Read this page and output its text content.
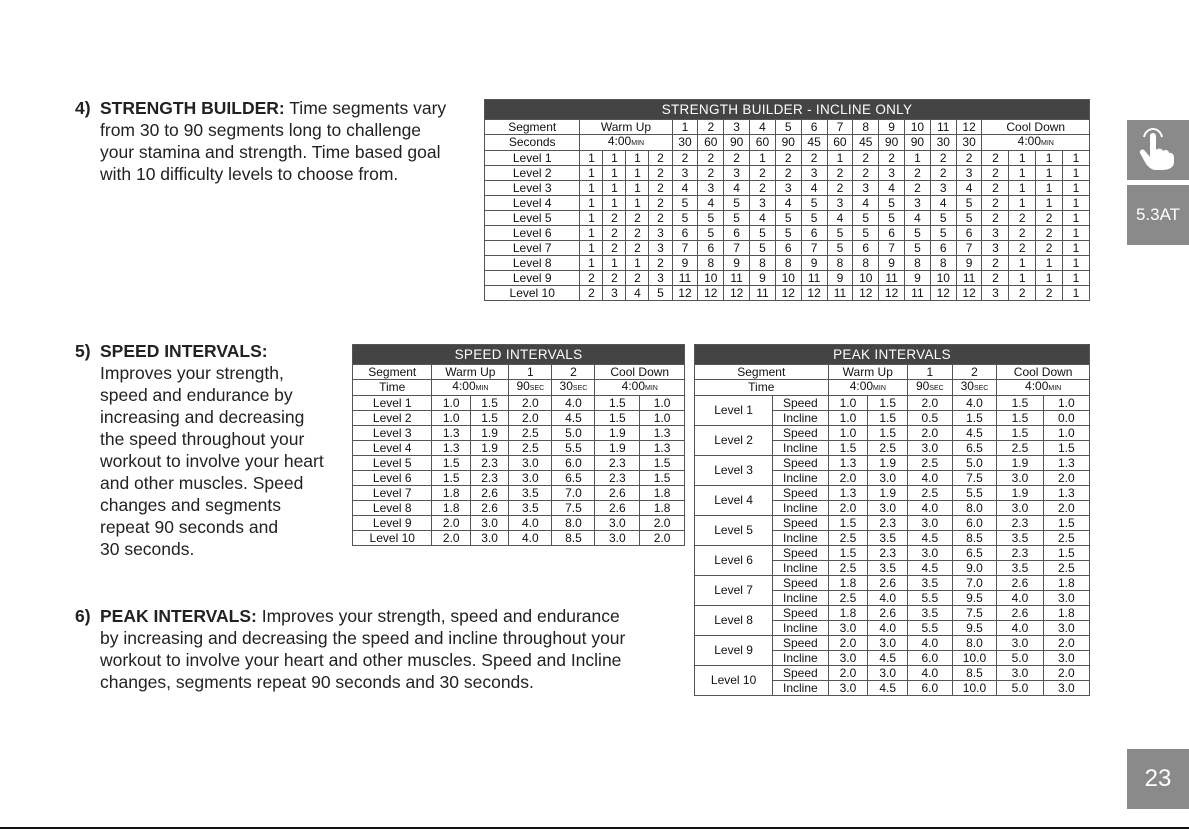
4) STRENGTH BUILDER: Time segments vary
from 30 to 90 segments long to challenge
your stamina and strength. Time based goal
with 10 difficulty levels to choose from.
5) SPEED INTERVALS:
Improves your strength,
speed and endurance by
increasing and decreasing
the speed throughout your
workout to involve your heart
and other muscles. Speed
changes and segments
repeat 90 seconds and
30 seconds.
6) PEAK INTERVALS: Improves your strength, speed and endurance
by increasing and decreasing the speed and incline throughout your
workout to involve your heart and other muscles. Speed and Incline
changes, segments repeat 90 seconds and 30 seconds.
STRENGTH BUILDER - INCLINE ONLY																				
Segment	Warm Up				1	2	3	4	5	6	7	8	9	10	11	12	Cool Down			
Seconds	4:00MIN				30	60	90	60	90	45	60	45	90	90	30	30	4:00MIN			
Level 1	1	1	1	2	2	2	2	1	2	2	1	2	2	1	2	2	2	1	1	1
Level 2	1	1	1	2	3	2	3	2	2	3	2	2	3	2	2	3	2	1	1	1
Level 3	1	1	1	2	4	3	4	2	3	4	2	3	4	2	3	4	2	1	1	1
Level 4	1	1	1	2	5	4	5	3	4	5	3	4	5	3	4	5	2	1	1	1
Level 5	1	2	2	2	5	5	5	4	5	5	4	5	5	4	5	5	2	2	2	1
Level 6	1	2	2	3	6	5	6	5	5	6	5	5	6	5	5	6	3	2	2	1
Level 7	1	2	2	3	7	6	7	5	6	7	5	6	7	5	6	7	3	2	2	1
Level 8	1	1	1	2	9	8	9	8	8	9	8	8	9	8	8	9	2	1	1	1
Level 9	2	2	2	3	11	10	11	9	10	11	9	10	11	9	10	11	2	1	1	1
Level 10	2	3	4	5	12	12	12	11	12	12	11	12	12	11	12	12	3	2	2	1
SPEED INTERVALS						
Segment	Warm Up		1	2	Cool Down	
Time	4:00MIN		90SEC	30SEC	4:00MIN	
Level 1	1.0	1.5	2.0	4.0	1.5	1.0
Level 2	1.0	1.5	2.0	4.5	1.5	1.0
Level 3	1.3	1.9	2.5	5.0	1.9	1.3
Level 4	1.3	1.9	2.5	5.5	1.9	1.3
Level 5	1.5	2.3	3.0	6.0	2.3	1.5
Level 6	1.5	2.3	3.0	6.5	2.3	1.5
Level 7	1.8	2.6	3.5	7.0	2.6	1.8
Level 8	1.8	2.6	3.5	7.5	2.6	1.8
Level 9	2.0	3.0	4.0	8.0	3.0	2.0
Level 10	2.0	3.0	4.0	8.5	3.0	2.0
PEAK INTERVALS							
Segment		Warm Up		1	2	Cool Down	
Time		4:00MIN		90SEC	30SEC	4:00MIN	
Level 1	Speed	1.0	1.5	2.0	4.0	1.5	1.0
	Incline	1.0	1.5	0.5	1.5	1.5	0.0
Level 2	Speed	1.0	1.5	2.0	4.5	1.5	1.0
	Incline	1.5	2.5	3.0	6.5	2.5	1.5
Level 3	Speed	1.3	1.9	2.5	5.0	1.9	1.3
	Incline	2.0	3.0	4.0	7.5	3.0	2.0
Level 4	Speed	1.3	1.9	2.5	5.5	1.9	1.3
	Incline	2.0	3.0	4.0	8.0	3.0	2.0
Level 5	Speed	1.5	2.3	3.0	6.0	2.3	1.5
	Incline	2.5	3.5	4.5	8.5	3.5	2.5
Level 6	Speed	1.5	2.3	3.0	6.5	2.3	1.5
	Incline	2.5	3.5	4.5	9.0	3.5	2.5
Level 7	Speed	1.8	2.6	3.5	7.0	2.6	1.8
	Incline	2.5	4.0	5.5	9.5	4.0	3.0
Level 8	Speed	1.8	2.6	3.5	7.5	2.6	1.8
	Incline	3.0	4.0	5.5	9.5	4.0	3.0
Level 9	Speed	2.0	3.0	4.0	8.0	3.0	2.0
	Incline	3.0	4.5	6.0	10.0	5.0	3.0
Level 10	Speed	2.0	3.0	4.0	8.5	3.0	2.0
	Incline	3.0	4.5	6.0	10.0	5.0	3.0
5.3AT
23
